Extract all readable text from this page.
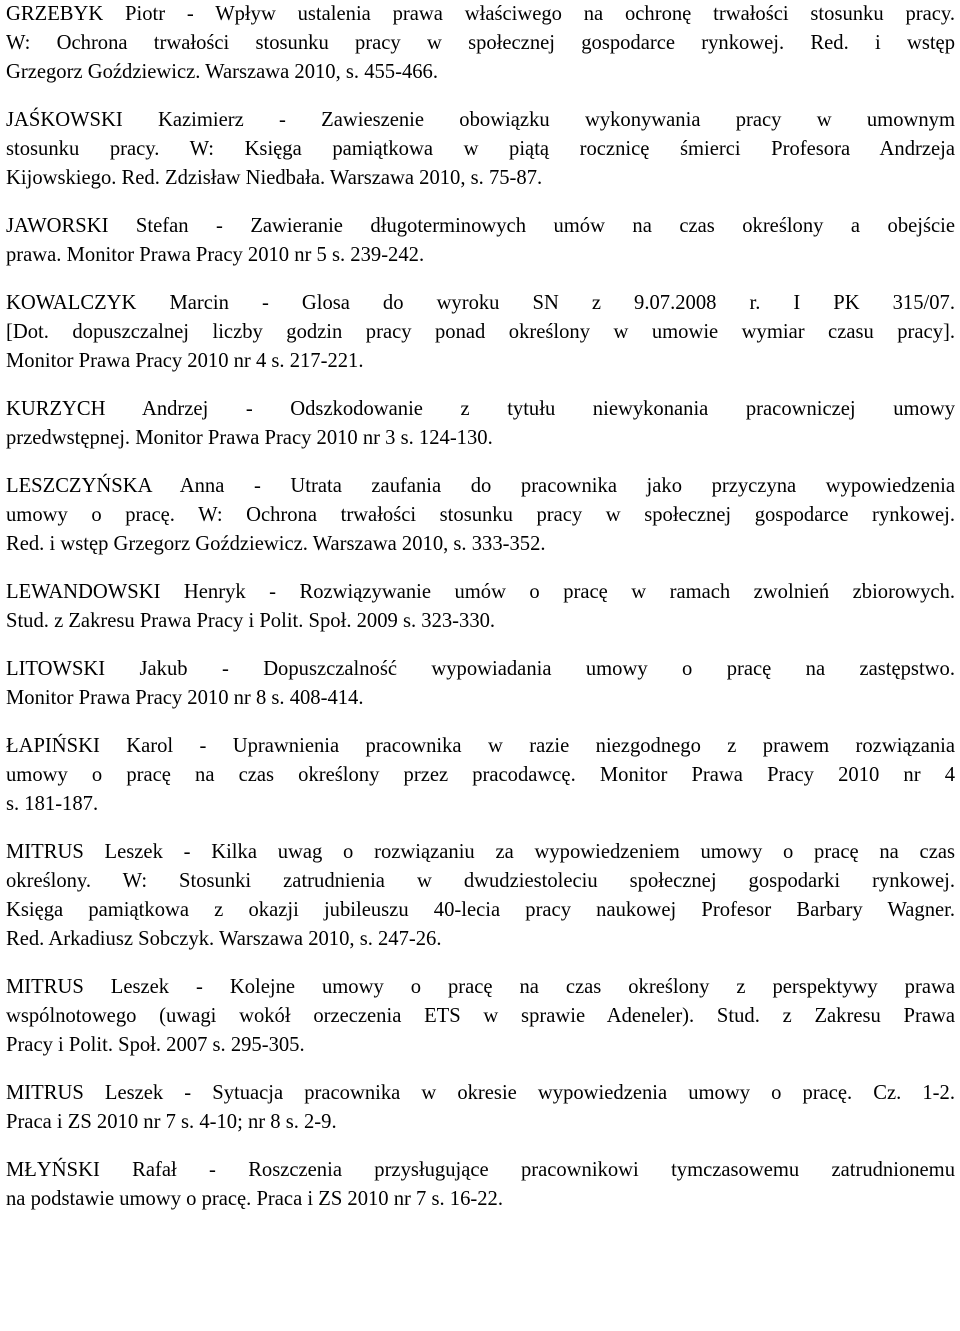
GRZEBYK Piotr - Wpływ ustalenia prawa właściwego na ochronę trwałości stosunku pracy.
W: Ochrona trwałości stosunku pracy w społecznej gospodarce rynkowej. Red. i wstęp
Grzegorz Goździewicz. Warszawa 2010, s. 455-466.
JAŚKOWSKI Kazimierz - Zawieszenie obowiązku wykonywania pracy w umownym
stosunku pracy. W: Księga pamiątkowa w piątą rocznicę śmierci Profesora Andrzeja
Kijowskiego. Red. Zdzisław Niedbała. Warszawa 2010, s. 75-87.
JAWORSKI Stefan - Zawieranie długoterminowych umów na czas określony a obejście
prawa. Monitor Prawa Pracy 2010 nr 5 s. 239-242.
KOWALCZYK Marcin - Glosa do wyroku SN z 9.07.2008 r. I PK 315/07.
[Dot. dopuszczalnej liczby godzin pracy ponad określony w umowie wymiar czasu pracy].
Monitor Prawa Pracy 2010 nr 4 s. 217-221.
KURZYCH Andrzej - Odszkodowanie z tytułu niewykonania pracowniczej umowy
przedwstępnej. Monitor Prawa Pracy 2010 nr 3 s. 124-130.
LESZCZYŃSKA Anna - Utrata zaufania do pracownika jako przyczyna wypowiedzenia
umowy o pracę. W: Ochrona trwałości stosunku pracy w społecznej gospodarce rynkowej.
Red. i wstęp Grzegorz Goździewicz. Warszawa 2010, s. 333-352.
LEWANDOWSKI Henryk - Rozwiązywanie umów o pracę w ramach zwolnień zbiorowych.
Stud. z Zakresu Prawa Pracy i Polit. Społ. 2009 s. 323-330.
LITOWSKI Jakub - Dopuszczalność wypowiadania umowy o pracę na zastępstwo.
Monitor Prawa Pracy 2010 nr 8 s. 408-414.
ŁAPIŃSKI Karol - Uprawnienia pracownika w razie niezgodnego z prawem rozwiązania
umowy o pracę na czas określony przez pracodawcę. Monitor Prawa Pracy 2010 nr 4
s. 181-187.
MITRUS Leszek - Kilka uwag o rozwiązaniu za wypowiedzeniem umowy o pracę na czas
określony. W: Stosunki zatrudnienia w dwudziestoleciu społecznej gospodarki rynkowej.
Księga pamiątkowa z okazji jubileuszu 40-lecia pracy naukowej Profesor Barbary Wagner.
Red. Arkadiusz Sobczyk. Warszawa 2010, s. 247-26.
MITRUS Leszek - Kolejne umowy o pracę na czas określony z perspektywy prawa
wspólnotowego (uwagi wokół orzeczenia ETS w sprawie Adeneler). Stud. z Zakresu Prawa
Pracy i Polit. Społ. 2007 s. 295-305.
MITRUS Leszek - Sytuacja pracownika w okresie wypowiedzenia umowy o pracę. Cz. 1-2.
Praca i ZS 2010 nr 7 s. 4-10; nr 8 s. 2-9.
MŁYŃSKI Rafał - Roszczenia przysługujące pracownikowi tymczasowemu zatrudnionemu
na podstawie umowy o pracę. Praca i ZS 2010 nr 7 s. 16-22.
